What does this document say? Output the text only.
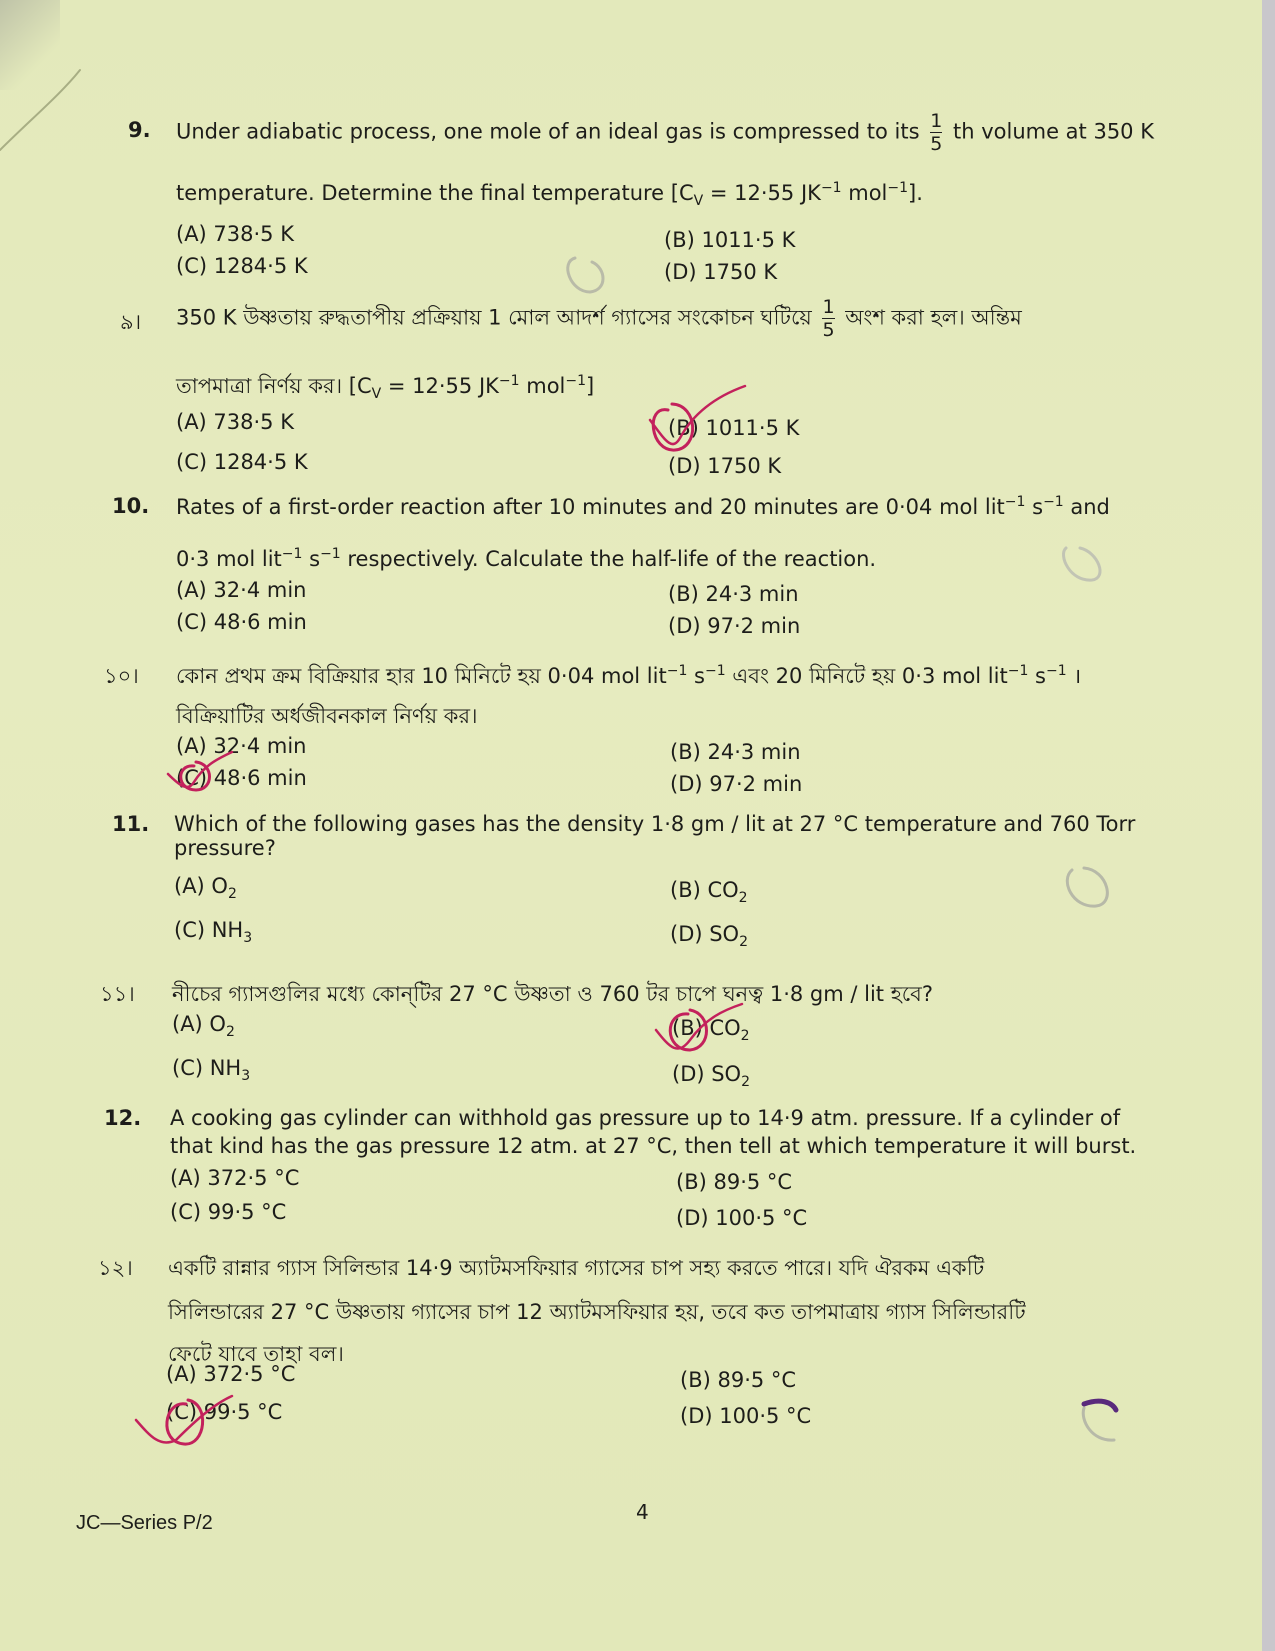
9. Under adiabatic process, one mole of an ideal gas is compressed to its $\frac{1}{5}$ th volume at 350 K
temperature. Determine the final temperature [$C_V = 12\cdot 55$ $JK^{-1}$ mol$^{-1}$].
(A) 738·5 K	(B) 1011·5 K
(C) 1284·5 K	(D) 1750 K
৯। 350 K উষ্ণতায় রুদ্ধতাপীয় প্রক্রিয়ায় 1 মোল আদর্শ গ্যাসের সংকোচন ঘটিয়ে $\frac{1}{5}$ অংশ করা হল। অন্তিম
তাপমাত্রা নির্ণয় কর। [$C_V = 12\cdot 55$ $JK^{-1}$ mol$^{-1}$]
(A) 738·5 K	(B) 1011·5 K
(C) 1284·5 K	(D) 1750 K
10. Rates of a first-order reaction after 10 minutes and 20 minutes are 0·04 mol lit$^{-1}$ $s^{-1}$ and
0·3 mol lit$^{-1}$ $s^{-1}$ respectively. Calculate the half-life of the reaction.
(A) 32·4 min	(B) 24·3 min
(C) 48·6 min	(D) 97·2 min
১০। কোন প্রথম ক্রম বিক্রিয়ার হার 10 মিনিটে হয় 0·04 mol lit$^{-1}$ $s^{-1}$ এবং 20 মিনিটে হয় 0·3 mol lit$^{-1}$ $s^{-1}$ ।
বিক্রিয়াটির অর্ধজীবনকাল নির্ণয় কর।
(A) 32·4 min	(B) 24·3 min
(C) 48·6 min	(D) 97·2 min
11. Which of the following gases has the density 1·8 gm / lit at 27 °C temperature and 760 Torr
pressure?
(A) $O_2$	(B) $CO_2$
(C) $NH_3$	(D) $SO_2$
১১। নীচের গ্যাসগুলির মধ্যে কোন্‌টির 27 °C উষ্ণতা ও 760 টর চাপে ঘনত্ব 1·8 gm / lit হবে?
(A) $O_2$	(B) $CO_2$
(C) $NH_3$	(D) $SO_2$
12. A cooking gas cylinder can withhold gas pressure up to 14·9 atm. pressure. If a cylinder of
that kind has the gas pressure 12 atm. at 27 °C, then tell at which temperature it will burst.
(A) 372·5 °C	(B) 89·5 °C
(C) 99·5 °C	(D) 100·5 °C
১২। একটি রান্নার গ্যাস সিলিন্ডার 14·9 অ্যাটমসফিয়ার গ্যাসের চাপ সহ্য করতে পারে। যদি ঐরকম একটি
সিলিন্ডারের 27 °C উষ্ণতায় গ্যাসের চাপ 12 অ্যাটমসফিয়ার হয়, তবে কত তাপমাত্রায় গ্যাস সিলিন্ডারটি
ফেটে যাবে তাহা বল।
(A) 372·5 °C	(B) 89·5 °C
(C) 99·5 °C	(D) 100·5 °C
JC—Series P/2	4
